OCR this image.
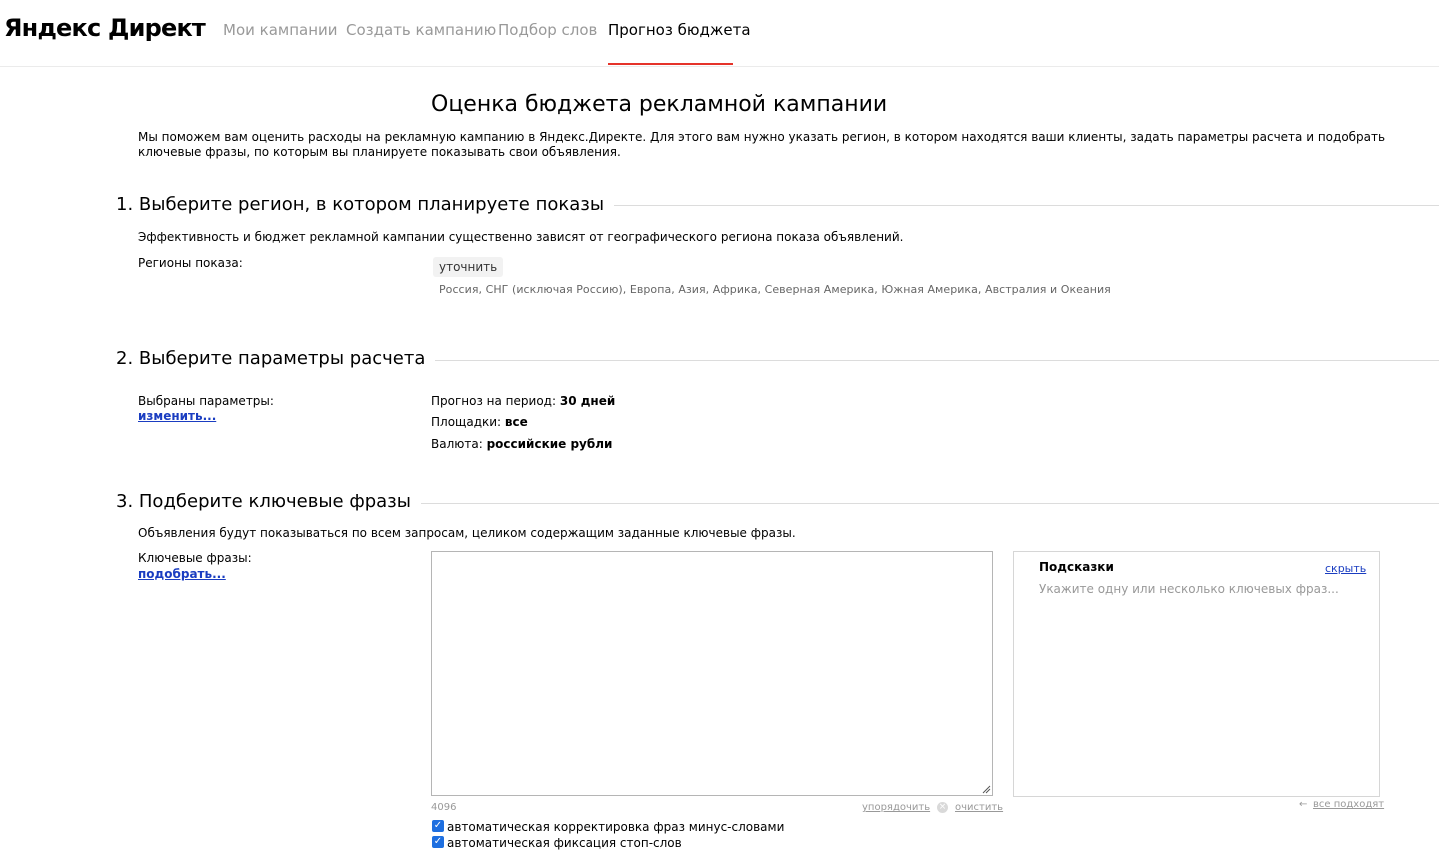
Яндекс Директ Мои кампании Создать кампанию Подбор слов Прогноз бюджета
Оценка бюджета рекламной кампании
Мы поможем вам оценить расходы на рекламную кампанию в Яндекс.Директе. Для этого вам нужно указать регион, в котором находятся ваши клиенты, задать параметры расчета и подобрать ключевые фразы, по которым вы планируете показывать свои объявления.
1. Выберите регион, в котором планируете показы
Эффективность и бюджет рекламной кампании существенно зависят от географического региона показа объявлений.
Регионы показа:	уточнить
Россия, СНГ (исключая Россию), Европа, Азия, Африка, Северная Америка, Южная Америка, Австралия и Океания
2. Выберите параметры расчета
Выбраны параметры:
изменить...
Прогноз на период: 30 дней
Площадки: все
Валюта: российские рубли
3. Подберите ключевые фразы
Объявления будут показываться по всем запросам, целиком содержащим заданные ключевые фразы.
Ключевые фразы:
подобрать...	Подсказки	скрыть
Укажите одну или несколько ключевых фраз...
4096	упорядочить × очистить	← все подходят
✓ автоматическая корректировка фраз минус-словами
✓ автоматическая фиксация стоп-слов
